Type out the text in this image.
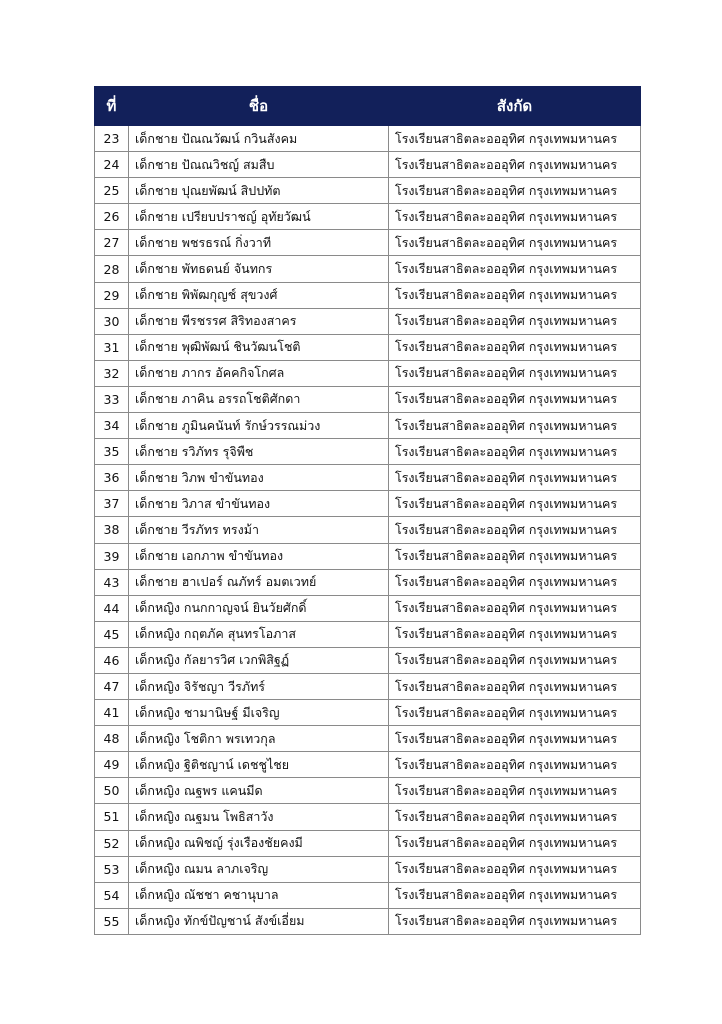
ที่	ชื่อ	สังกัด
23	เด็กชาย ปัณณวัฒน์ กวินสังคม	โรงเรียนสาธิตละอออุทิศ กรุงเทพมหานคร
24	เด็กชาย ปัณณวิชญ์ สมสืบ	โรงเรียนสาธิตละอออุทิศ กรุงเทพมหานคร
25	เด็กชาย ปุณยพัฒน์ สิปปทัต	โรงเรียนสาธิตละอออุทิศ กรุงเทพมหานคร
26	เด็กชาย เปรียบปราชญ์ อุทัยวัฒน์	โรงเรียนสาธิตละอออุทิศ กรุงเทพมหานคร
27	เด็กชาย พชรธรณ์ กิ่งวาที	โรงเรียนสาธิตละอออุทิศ กรุงเทพมหานคร
28	เด็กชาย พัทธดนย์ จันทกร	โรงเรียนสาธิตละอออุทิศ กรุงเทพมหานคร
29	เด็กชาย พิพัฒกุญช์ สุขวงศ์	โรงเรียนสาธิตละอออุทิศ กรุงเทพมหานคร
30	เด็กชาย พีรชรรศ สิริทองสาคร	โรงเรียนสาธิตละอออุทิศ กรุงเทพมหานคร
31	เด็กชาย พุฒิพัฒน์ ชินวัฒนโชติ	โรงเรียนสาธิตละอออุทิศ กรุงเทพมหานคร
32	เด็กชาย ภากร อัคคกิจโกศล	โรงเรียนสาธิตละอออุทิศ กรุงเทพมหานคร
33	เด็กชาย ภาคิน อรรถโชติศักดา	โรงเรียนสาธิตละอออุทิศ กรุงเทพมหานคร
34	เด็กชาย ภูมินคนันท์ รักษ์วรรณม่วง	โรงเรียนสาธิตละอออุทิศ กรุงเทพมหานคร
35	เด็กชาย รวิภัทร รุจิพืช	โรงเรียนสาธิตละอออุทิศ กรุงเทพมหานคร
36	เด็กชาย วิภพ ขำขันทอง	โรงเรียนสาธิตละอออุทิศ กรุงเทพมหานคร
37	เด็กชาย วิภาส ขำขันทอง	โรงเรียนสาธิตละอออุทิศ กรุงเทพมหานคร
38	เด็กชาย วีรภัทร ทรงม้า	โรงเรียนสาธิตละอออุทิศ กรุงเทพมหานคร
39	เด็กชาย เอกภาพ ขำขันทอง	โรงเรียนสาธิตละอออุทิศ กรุงเทพมหานคร
43	เด็กชาย ฮาเปอร์ ณภัทร์ อมตเวทย์	โรงเรียนสาธิตละอออุทิศ กรุงเทพมหานคร
44	เด็กหญิง กนกกาญจน์ ยินวัยศักดิ์	โรงเรียนสาธิตละอออุทิศ กรุงเทพมหานคร
45	เด็กหญิง กฤตภัค สุนทรโอภาส	โรงเรียนสาธิตละอออุทิศ กรุงเทพมหานคร
46	เด็กหญิง กัลยารวิศ เวกพิสิฐฏ์	โรงเรียนสาธิตละอออุทิศ กรุงเทพมหานคร
47	เด็กหญิง จิรัชญา วีรภัทร์	โรงเรียนสาธิตละอออุทิศ กรุงเทพมหานคร
41	เด็กหญิง ชามานิษฐ์ มีเจริญ	โรงเรียนสาธิตละอออุทิศ กรุงเทพมหานคร
48	เด็กหญิง โชติกา พรเทวกุล	โรงเรียนสาธิตละอออุทิศ กรุงเทพมหานคร
49	เด็กหญิง ฐิติชญาน์ เดชชูไชย	โรงเรียนสาธิตละอออุทิศ กรุงเทพมหานคร
50	เด็กหญิง ณฐพร แคนมีด	โรงเรียนสาธิตละอออุทิศ กรุงเทพมหานคร
51	เด็กหญิง ณฐมน โพธิสาวัง	โรงเรียนสาธิตละอออุทิศ กรุงเทพมหานคร
52	เด็กหญิง ณพิชญ์ รุ่งเรืองชัยคงมี	โรงเรียนสาธิตละอออุทิศ กรุงเทพมหานคร
53	เด็กหญิง ณมน ลาภเจริญ	โรงเรียนสาธิตละอออุทิศ กรุงเทพมหานคร
54	เด็กหญิง ณัชชา คชานุบาล	โรงเรียนสาธิตละอออุทิศ กรุงเทพมหานคร
55	เด็กหญิง ทักข์ปัญชาน์ สังข์เอี่ยม	โรงเรียนสาธิตละอออุทิศ กรุงเทพมหานคร
